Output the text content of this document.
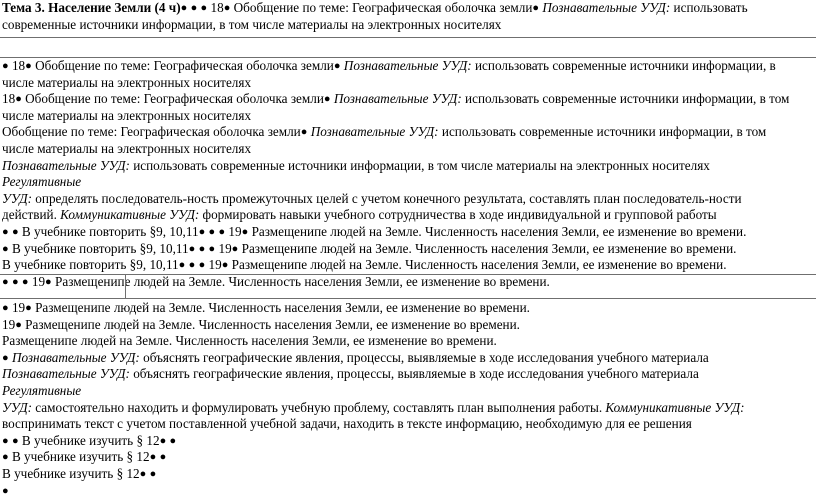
Тема 3. Население Земли (4 ч)● ● ● 18● Обобщение по теме: Географическая оболочка земли● Познавательные УУД: использовать
современные источники информации, в том числе материалы на электронных носителях
● 18● Обобщение по теме: Географическая оболочка земли● Познавательные УУД: использовать современные источники информации, в
числе материалы на электронных носителях
18● Обобщение по теме: Географическая оболочка земли● Познавательные УУД: использовать современные источники информации, в том
числе материалы на электронных носителях
Обобщение по теме: Географическая оболочка земли● Познавательные УУД: использовать современные источники информации, в том
числе материалы на электронных носителях
Познавательные УУД: использовать современные источники информации, в том числе материалы на электронных носителях
Регулятивные
УУД: определять последователь-ность промежуточных целей с учетом конечного результата, составлять план последователь-ности
действий. Коммуникативные УУД: формировать навыки учебного сотрудничества в ходе индивидуальной и групповой работы
● ● В учебнике повторить §9, 10,11● ● ● 19● Размещенипе людей на Земле. Численность населения Земли, ее изменение во времени.
● В учебнике повторить §9, 10,11● ● ● 19● Размещенипе людей на Земле. Численность населения Земли, ее изменение во времени.
В учебнике повторить §9, 10,11● ● ● 19● Размещенипе людей на Земле. Численность населения Земли, ее изменение во времени.
● ● ● 19● Размещенипе людей на Земле. Численность населения Земли, ее изменение во времени.
● 19● Размещенипе людей на Земле. Численность населения Земли, ее изменение во времени.
19● Размещенипе людей на Земле. Численность населения Земли, ее изменение во времени.
Размещенипе людей на Земле. Численность населения Земли, ее изменение во времени.
● Познавательные УУД: объяснять географические явления, процессы, выявляемые в ходе исследования учебного материала
Познавательные УУД: объяснять географические явления, процессы, выявляемые в ходе исследования учебного материала
Регулятивные
УУД: самостоятельно находить и формулировать учебную проблему, составлять план выполнения работы. Коммуникативные УУД:
воспринимать текст с учетом поставленной учебной задачи, находить в тексте информацию, необходимую для ее решения
● ● В учебнике изучить § 12● ●
● В учебнике изучить § 12● ●
В учебнике изучить § 12● ●
●
